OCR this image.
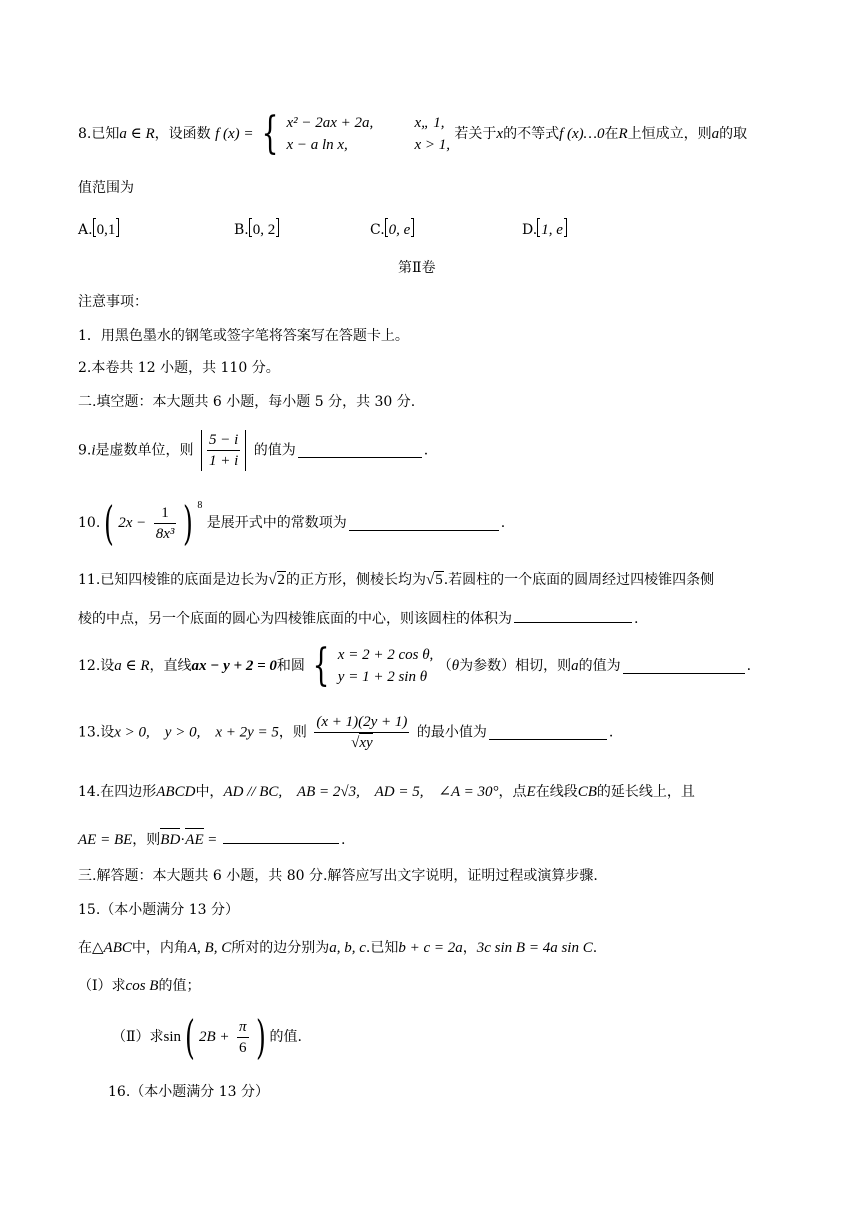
8.已知a ∈ R，设函数 f (x) = { x² − 2ax + 2a,	x„ 1,
x − a ln x,	x > 1,
若关于x的不等式f (x)…0在R上恒成立，则a的取
值范围为
A. 0,1	B. 0, 2	C. 0, e	D. 1, e
第Ⅱ卷
注意事项：
1．用黑色墨水的钢笔或签字笔将答案写在答题卡上。
2.本卷共 12 小题，共 110 分。
二.填空题：本大题共 6 小题，每小题 5 分，共 30 分.
9.i是虚数单位，则 $\frac{5 - i}{1 + i}$ 的值为	.
10.( $2x - \frac{1}{\text{8x³}}$ ) $^8$ 是展开式中的常数项为	.
11.已知四棱锥的底面是边长为√2的正方形，侧棱长均为√5.若圆柱的一个底面的圆周经过四棱锥四条侧
棱的中点，另一个底面的圆心为四棱锥底面的中心，则该圆柱的体积为	.
12.设a ∈ R，直线ax − y + 2 = 0和圆 { x = 2 + 2 cos θ,
y = 1 + 2 sin θ
（θ为参数）相切，则a的值为	.
13.设x > 0,    y > 0,    x + 2y = 5，则 $\frac{(x + 1)(2y + 1)}{√xy}$ 的最小值为	.
14.在四边形ABCD中，AD // BC,    AB = 2√3,    AD = 5,    ∠A = 30°，点E在线段CB的延长线上，且
AE = BE，则BD·AE =	.
三.解答题：本大题共 6 小题，共 80 分.解答应写出文字说明，证明过程或演算步骤.
15.（本小题满分 13 分）
在△ABC中，内角A, B, C所对的边分别为a, b, c.已知b + c = 2a，3c sin B = 4a sin C.
（Ⅰ）求cos B的值；
（Ⅱ）求sin( $2B + \frac{\pi}{6}$ ) 的值.
16.（本小题满分 13 分）
